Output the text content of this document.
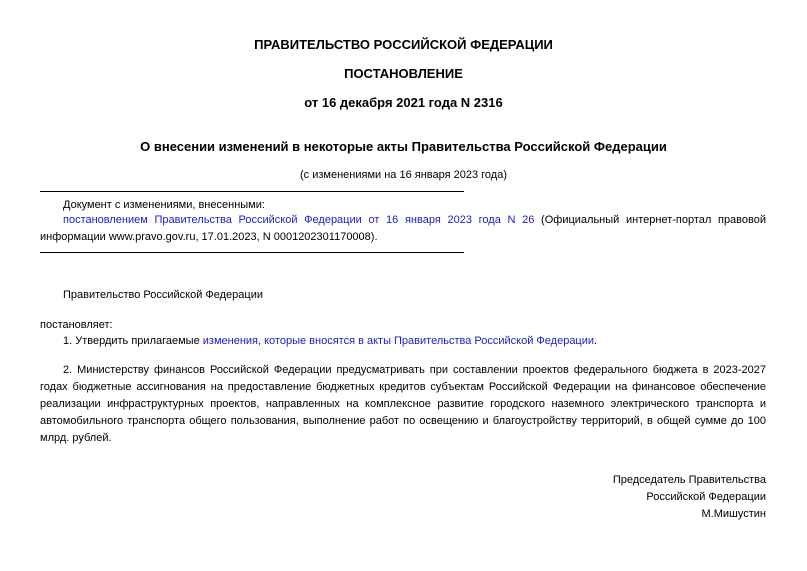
ПРАВИТЕЛЬСТВО РОССИЙСКОЙ ФЕДЕРАЦИИ
ПОСТАНОВЛЕНИЕ
от 16 декабря 2021 года N 2316
О внесении изменений в некоторые акты Правительства Российской Федерации
(с изменениями на 16 января 2023 года)
Документ с изменениями, внесенными:
постановлением Правительства Российской Федерации от 16 января 2023 года N 26 (Официальный интернет-портал правовой информации www.pravo.gov.ru, 17.01.2023, N 0001202301170008).
Правительство Российской Федерации
постановляет:
1. Утвердить прилагаемые изменения, которые вносятся в акты Правительства Российской Федерации.
2. Министерству финансов Российской Федерации предусматривать при составлении проектов федерального бюджета в 2023-2027 годах бюджетные ассигнования на предоставление бюджетных кредитов субъектам Российской Федерации на финансовое обеспечение реализации инфраструктурных проектов, направленных на комплексное развитие городского наземного электрического транспорта и автомобильного транспорта общего пользования, выполнение работ по освещению и благоустройству территорий, в общей сумме до 100 млрд. рублей.
Председатель Правительства
Российской Федерации
М.Мишустин
